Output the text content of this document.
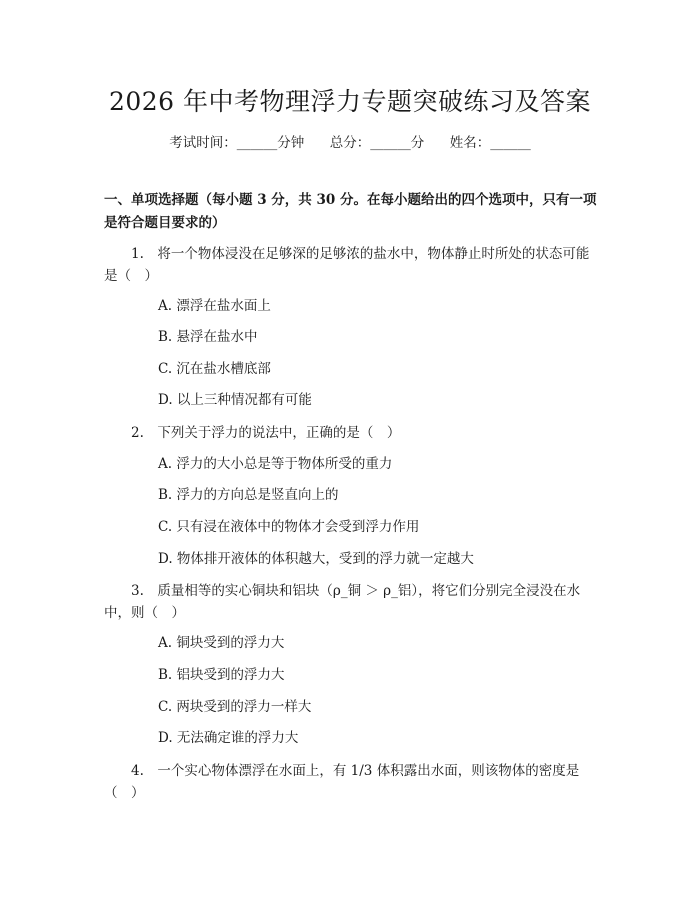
2026 年中考物理浮力专题突破练习及答案
考试时间：______分钟　 总分：______分　 姓名：______
一、单项选择题（每小题 3 分，共 30 分。在每小题给出的四个选项中，只有一项是符合题目要求的）
1.　将一个物体浸没在足够深的足够浓的盐水中，物体静止时所处的状态可能是（　）
A. 漂浮在盐水面上
B. 悬浮在盐水中
C. 沉在盐水槽底部
D. 以上三种情况都有可能
2.　下列关于浮力的说法中，正确的是（　）
A. 浮力的大小总是等于物体所受的重力
B. 浮力的方向总是竖直向上的
C. 只有浸在液体中的物体才会受到浮力作用
D. 物体排开液体的体积越大，受到的浮力就一定越大
3.　质量相等的实心铜块和铝块（ρ_铜 ＞ ρ_铝），将它们分别完全浸没在水中，则（　）
A. 铜块受到的浮力大
B. 铝块受到的浮力大
C. 两块受到的浮力一样大
D. 无法确定谁的浮力大
4.　一个实心物体漂浮在水面上，有 1/3 体积露出水面，则该物体的密度是（　）
